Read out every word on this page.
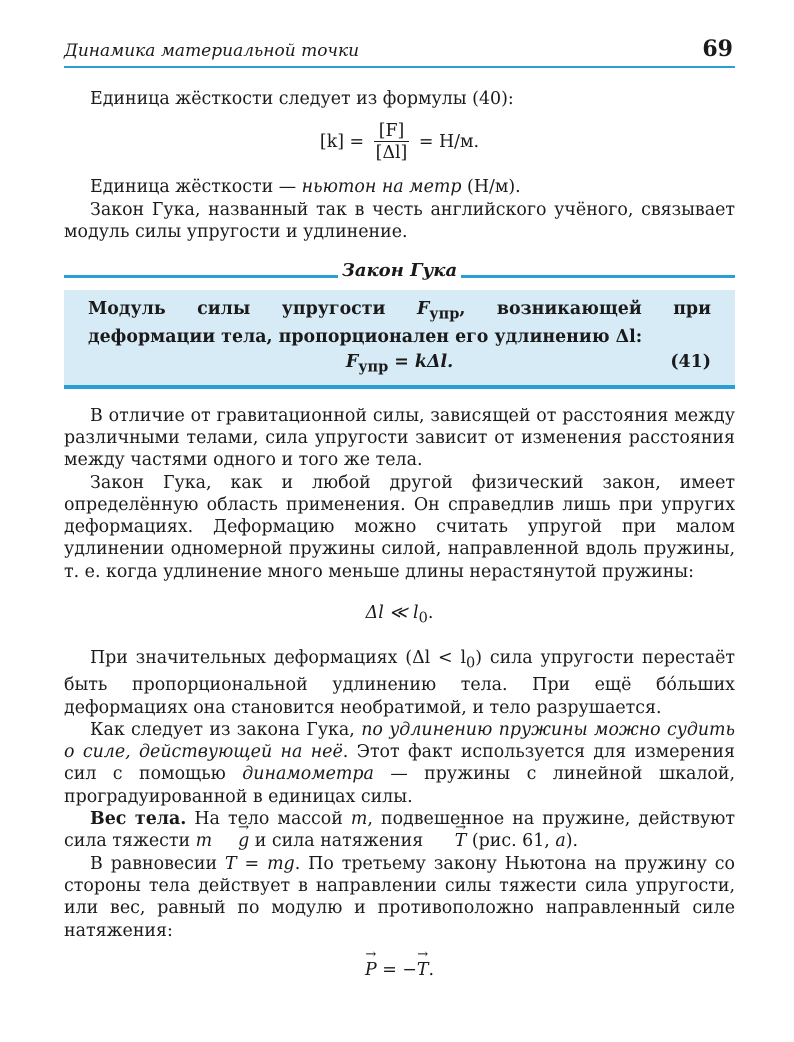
Динамика материальной точки	69

Единица жёсткости следует из формулы (40):

$[k] = \frac{[F]}{[\Delta l]} = Н/м$.

Единица жёсткости — ньютон на метр (Н/м).

Закон Гука, названный так в честь английского учёного, связывает модуль силы упругости и удлинение.

Закон Гука

Модуль силы упругости $F_{упр}$, возникающей при деформации тела, пропорционален его удлинению Δl:

$F_{упр} = k\Delta l$.	(41)

В отличие от гравитационной силы, зависящей от расстояния между различными телами, сила упругости зависит от изменения расстояния между частями одного и того же тела.

Закон Гука, как и любой другой физический закон, имеет определённую область применения. Он справедлив лишь при упругих деформациях. Деформацию можно считать упругой при малом удлинении одномерной пружины силой, направленной вдоль пружины, т. е. когда удлинение много меньше длины нерастянутой пружины:

Δl ≪ $l_0$.

При значительных деформациях $(\Delta l < l_0)$ сила упругости перестаёт быть пропорциональной удлинению тела. При ещё бо́льших деформациях она становится необратимой, и тело разрушается.

Как следует из закона Гука, по удлинению пружины можно судить о силе, действующей на неё. Этот факт используется для измерения сил с помощью динамометра — пружины с линейной шкалой, проградуированной в единицах силы.

Вес тела. На тело массой m, подвешенное на пружине, действуют сила тяжести m→ g и сила натяжения → T (рис. 61, а).

В равновесии T = mg. По третьему закону Ньютона на пружину со стороны тела действует в направлении силы тяжести сила упругости, или вес, равный по модулю и противоположно направленный силе натяжения:

→ P = −→ T.
